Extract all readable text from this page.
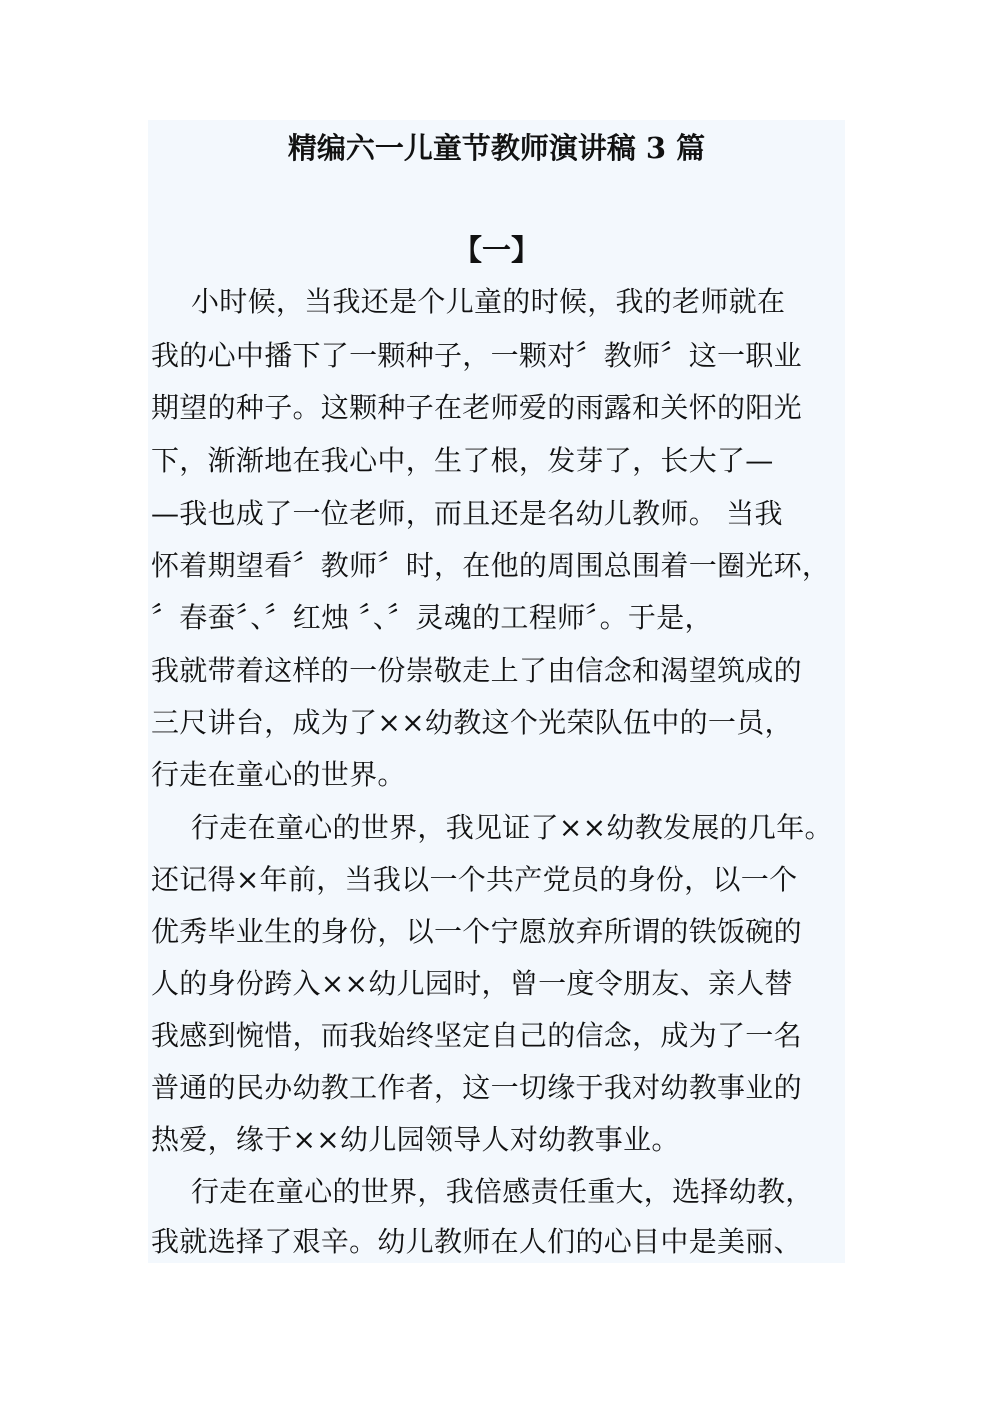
精编六一儿童节教师演讲稿 3 篇
【一】
小时候，当我还是个儿童的时候，我的老师就在
我的心中播下了一颗种子，一颗对〞教师〞这一职业
期望的种子。这颗种子在老师爱的雨露和关怀的阳光
下，渐渐地在我心中，生了根，发芽了，长大了—
—我也成了一位老师，而且还是名幼儿教师。 当我
怀着期望看〞教师〞时，在他的周围总围着一圈光环，
〞春蚕〞、〞红烛 〞、〞灵魂的工程师〞。于是，
我就带着这样的一份崇敬走上了由信念和渴望筑成的
三尺讲台，成为了××幼教这个光荣队伍中的一员，
行走在童心的世界。
行走在童心的世界，我见证了××幼教发展的几年。
还记得×年前，当我以一个共产党员的身份，以一个
优秀毕业生的身份，以一个宁愿放弃所谓的铁饭碗的
人的身份跨入××幼儿园时，曾一度令朋友、亲人替
我感到惋惜，而我始终坚定自己的信念，成为了一名
普通的民办幼教工作者，这一切缘于我对幼教事业的
热爱，缘于××幼儿园领导人对幼教事业。
行走在童心的世界，我倍感责任重大，选择幼教，
我就选择了艰辛。幼儿教师在人们的心目中是美丽、
